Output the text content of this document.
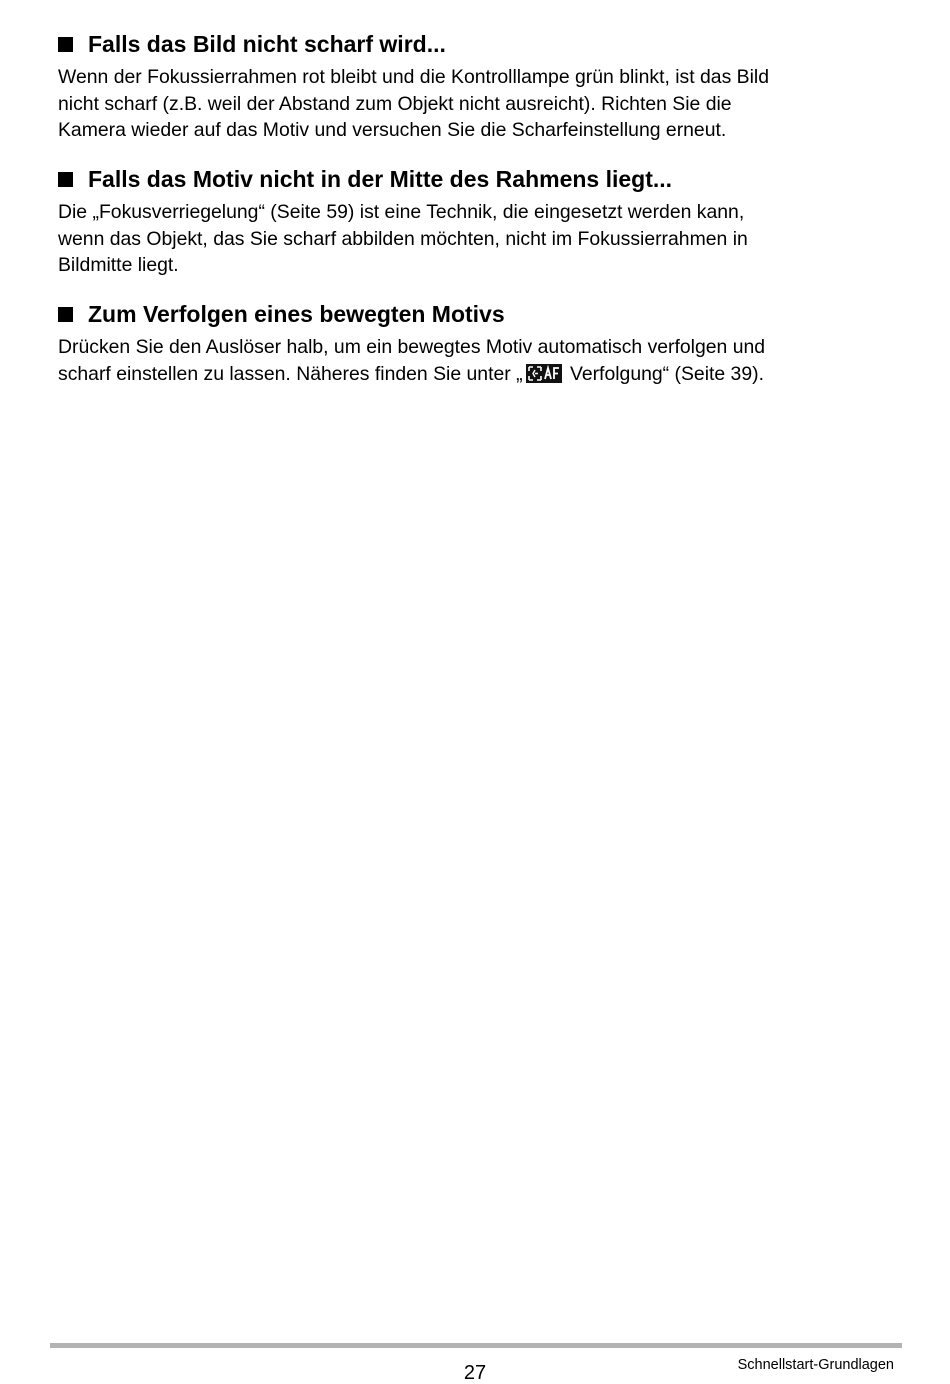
Falls das Bild nicht scharf wird...

Wenn der Fokussierrahmen rot bleibt und die Kontrolllampe grün blinkt, ist das Bild
nicht scharf (z.B. weil der Abstand zum Objekt nicht ausreicht). Richten Sie die
Kamera wieder auf das Motiv und versuchen Sie die Scharfeinstellung erneut.

Falls das Motiv nicht in der Mitte des Rahmens liegt...

Die „Fokusverriegelung“ (Seite 59) ist eine Technik, die eingesetzt werden kann,
wenn das Objekt, das Sie scharf abbilden möchten, nicht im Fokussierrahmen in
Bildmitte liegt.

Zum Verfolgen eines bewegten Motivs

Drücken Sie den Auslöser halb, um ein bewegtes Motiv automatisch verfolgen und
scharf einstellen zu lassen. Näheres finden Sie unter „ Verfolgung“ (Seite 39).

27	Schnellstart-Grundlagen
